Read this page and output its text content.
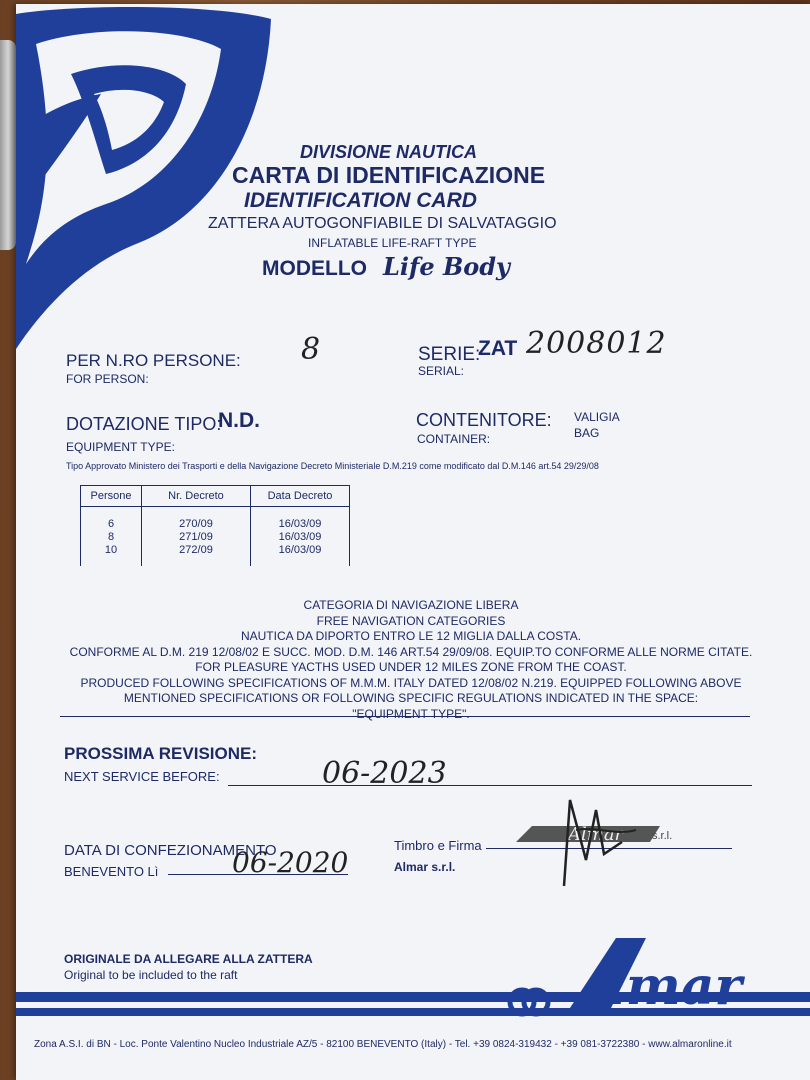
DIVISIONE NAUTICA
CARTA DI IDENTIFICAZIONE
IDENTIFICATION CARD
ZATTERA AUTOGONFIABILE DI SALVATAGGIO
INFLATABLE LIFE-RAFT TYPE
MODELLO Life Body
PER N.RO PERSONE:
FOR PERSON:
8	SERIE:
ZAT 2008012
SERIAL:
DOTAZIONE TIPO:
N.D.
EQUIPMENT TYPE:
CONTENITORE:
CONTAINER:
VALIGIA
BAG
Tipo Approvato Ministero dei Trasporti e della Navigazione Decreto Ministeriale D.M.219 come modificato dal D.M.146 art.54 29/29/08
Persone	Nr. Decreto	Data Decreto

6	270/09	16/03/09
8	271/09	16/03/09
10	272/09	16/03/09

CATEGORIA DI NAVIGAZIONE LIBERA
FREE NAVIGATION CATEGORIES
NAUTICA DA DIPORTO ENTRO LE 12 MIGLIA DALLA COSTA.
CONFORME AL D.M. 219 12/08/02 E SUCC. MOD. D.M. 146 ART.54 29/09/08. EQUIP.TO CONFORME ALLE NORME CITATE.
FOR PLEASURE YACTHS USED UNDER 12 MILES ZONE FROM THE COAST.
PRODUCED FOLLOWING SPECIFICATIONS OF M.M.M. ITALY DATED 12/08/02 N.219. EQUIPPED FOLLOWING ABOVE
MENTIONED SPECIFICATIONS OR FOLLOWING SPECIFIC REGULATIONS INDICATED IN THE SPACE:
"EQUIPMENT TYPE".
PROSSIMA REVISIONE:
NEXT SERVICE BEFORE:	06-2023
DATA DI CONFEZIONAMENTO
BENEVENTO Lì	06-2020
Timbro e Firma
Almar s.r.l.
Almar	s.r.l.
ORIGINALE DA ALLEGARE ALLA ZATTERA
Original to be included to the raft	lmar
Zona A.S.I. di BN - Loc. Ponte Valentino Nucleo Industriale AZ/5 - 82100 BENEVENTO (Italy) - Tel. +39 0824-319432 - +39 081-3722380 - www.almaronline.it
